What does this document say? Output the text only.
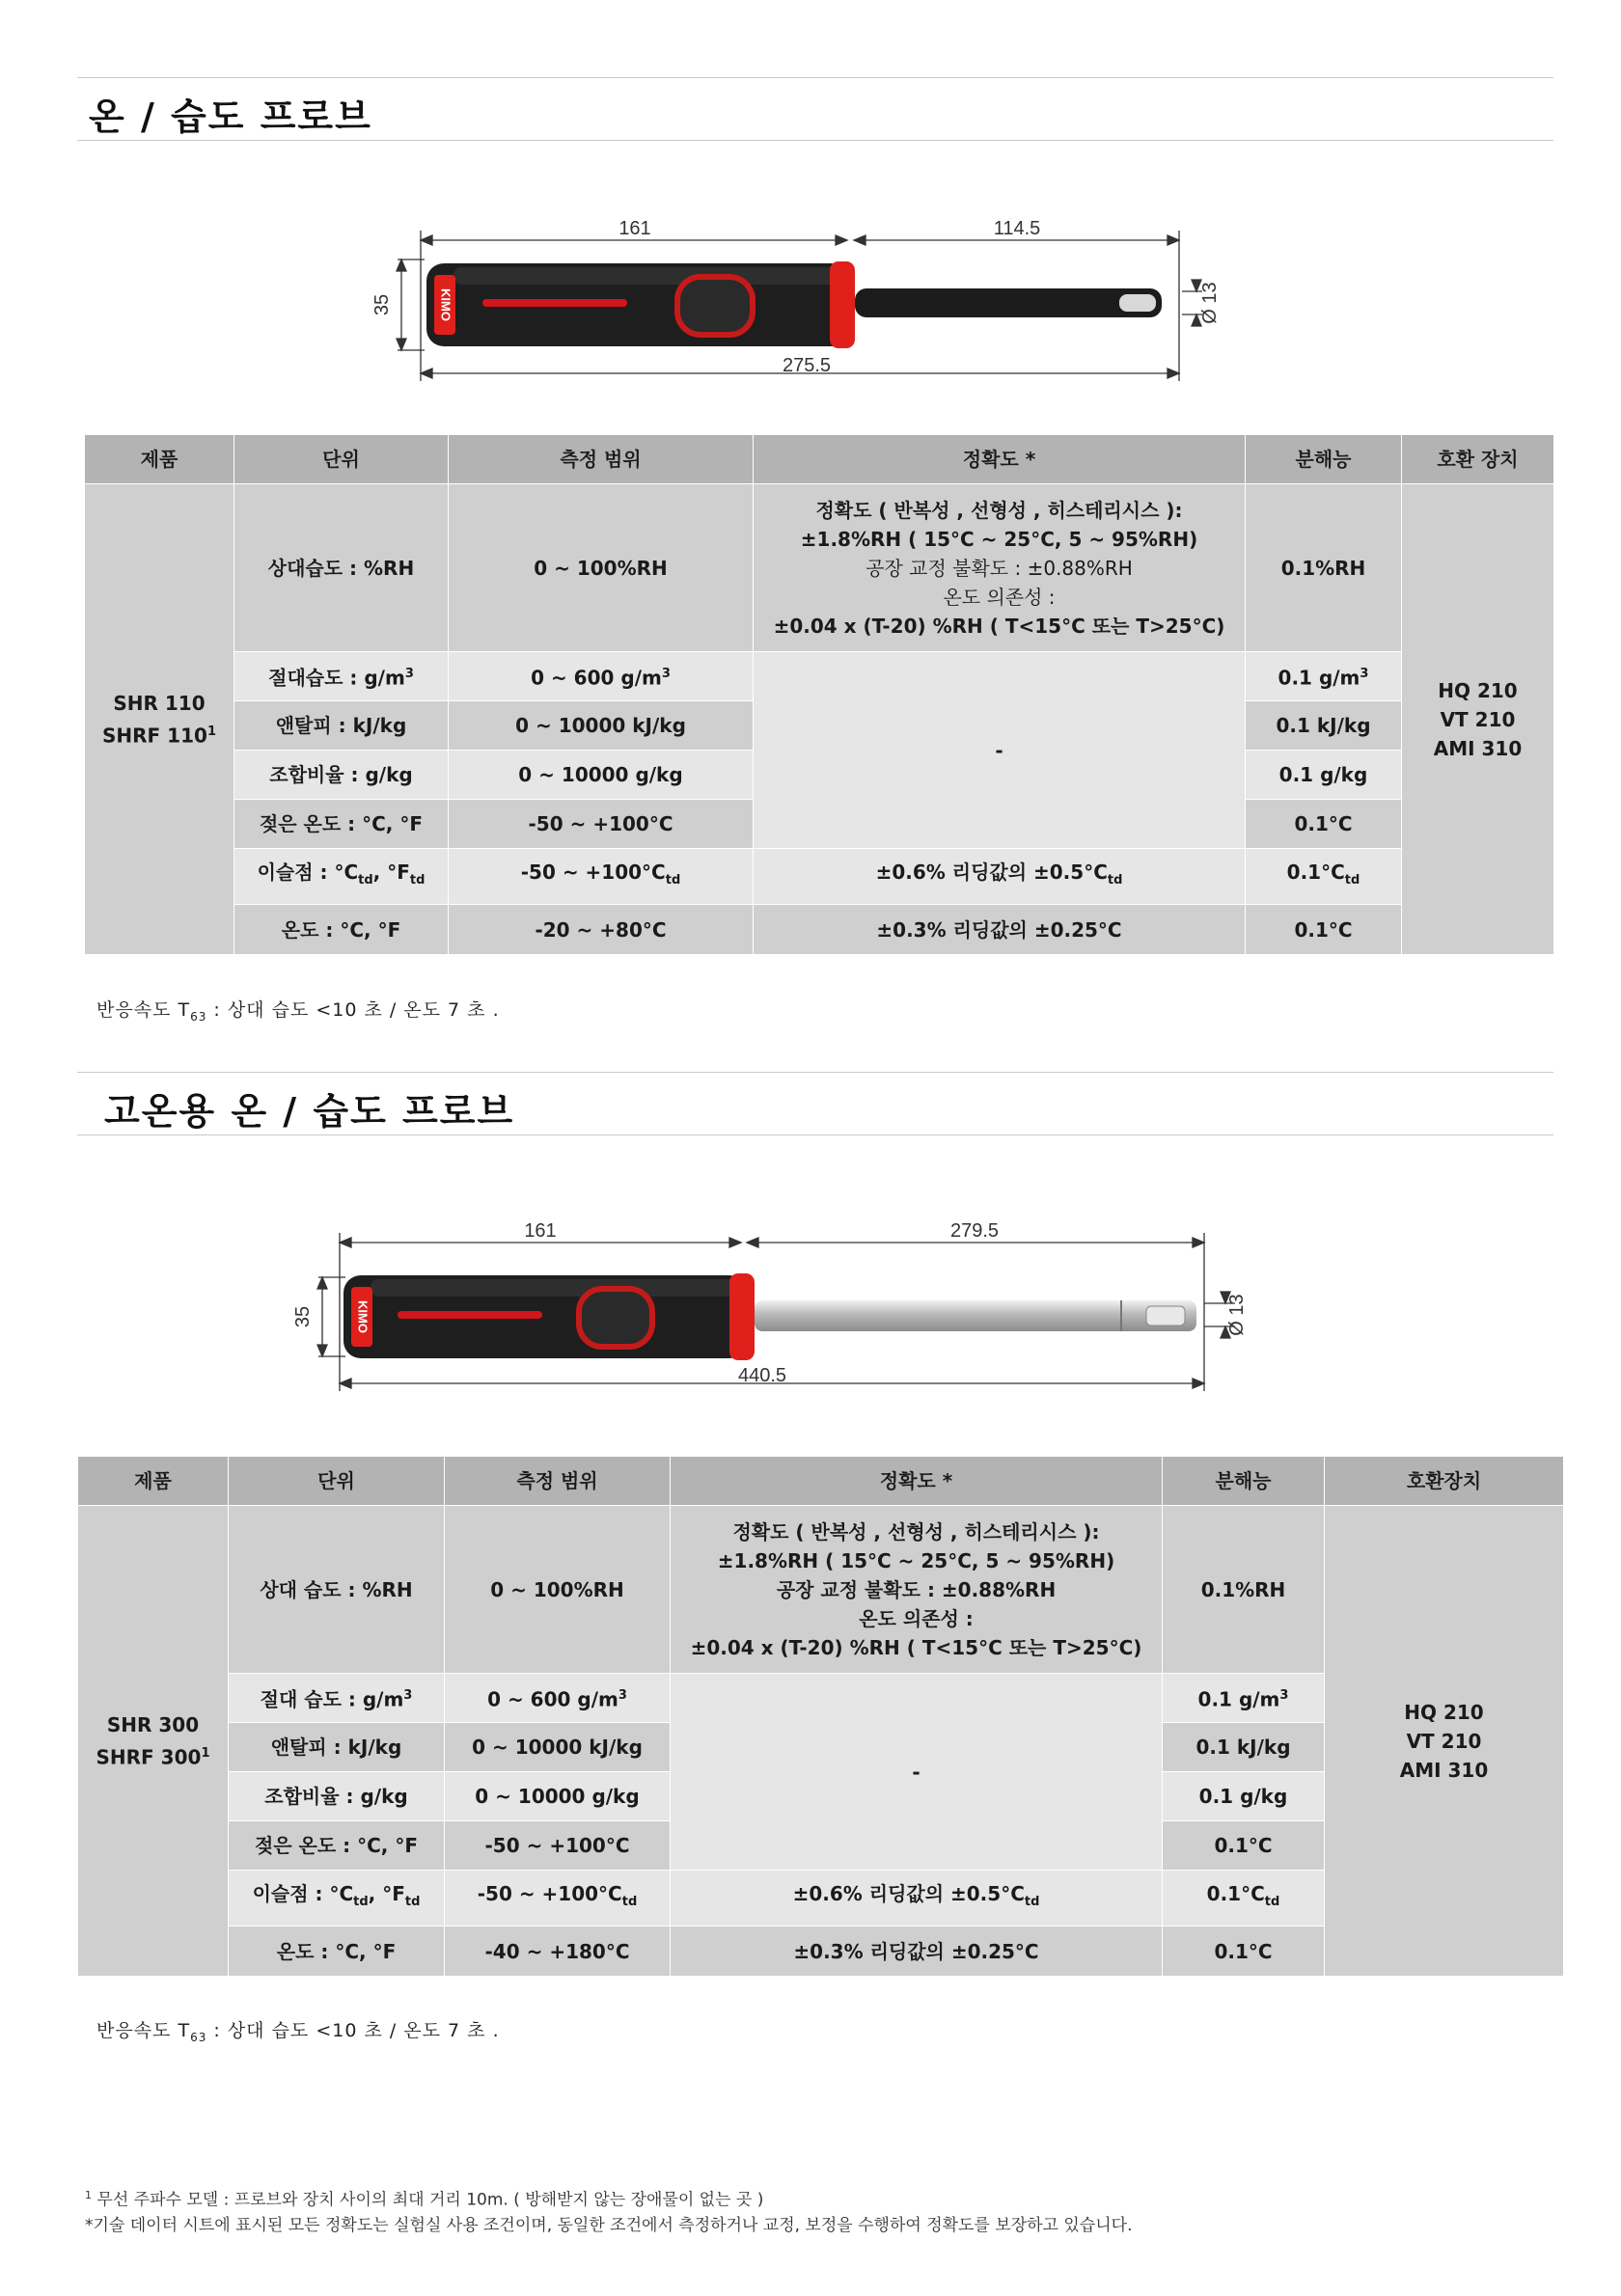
온 / 습도 프로브
KIMO
161	114.5
275.5
35	Ø 13
제품	단위	측정 범위	정확도 *	분해능	호환 장치

SHR 110
SHRF $110^1$	상대습도 : %RH	0 ~ 100%RH	정확도 ( 반복성 , 선형성 , 히스테리시스 ):
±1.8%RH ( 15°C ~ 25°C, 5 ~ 95%RH)
공장 교정 불확도 : ±0.88%RH
온도 의존성 :
±0.04 x (T-20) %RH ( T<15°C 또는 T>25°C)	0.1%RH	HQ 210
VT 210
AMI 310

	절대습도 : $g/m^3$	0 ~ 600 $g/m^3$	-	0.1 $g/m^3$
	앤탈피 : kJ/kg	0 ~ 10000 kJ/kg		0.1 kJ/kg	
	조합비율 : g/kg	0 ~ 10000 g/kg		0.1 g/kg	
	젖은 온도 : °C, °F	-50 ~ +100°C		0.1°C	
	이슬점 : $^\circ C_{td}$, $^\circ F_{td}$	-50 ~ $+100^\circ C_{td}$	±0.6% 리딩값의 $\pm 0.5^\circ C_{td}$	$0.1^\circ C_{td}$
	온도 : °C, °F	-20 ~ +80°C	±0.3% 리딩값의 ±0.25°C	0.1°C	
반응속도 $T_{63}$ : 상대 습도 <10 초 / 온도 7 초 .
고온용 온 / 습도 프로브
KIMO
161	279.5
440.5
35	Ø 13
제품	단위	측정 범위	정확도 *	분해능	호환장치

SHR 300
SHRF $300^1$	상대 습도 : %RH	0 ~ 100%RH	정확도 ( 반복성 , 선형성 , 히스테리시스 ):
±1.8%RH ( 15°C ~ 25°C, 5 ~ 95%RH)
공장 교정 불확도 : ±0.88%RH
온도 의존성 :
±0.04 x (T-20) %RH ( T<15°C 또는 T>25°C)	0.1%RH	HQ 210
VT 210
AMI 310

	절대 습도 : $g/m^3$	0 ~ 600 $g/m^3$	-	0.1 $g/m^3$
	앤탈피 : kJ/kg	0 ~ 10000 kJ/kg		0.1 kJ/kg	
	조합비율 : g/kg	0 ~ 10000 g/kg		0.1 g/kg	
	젖은 온도 : °C, °F	-50 ~ +100°C		0.1°C	
	이슬점 : $^\circ C_{td}$, $^\circ F_{td}$	-50 ~ $+100^\circ C_{td}$	±0.6% 리딩값의 $\pm 0.5^\circ C_{td}$	$0.1^\circ C_{td}$
	온도 : °C, °F	-40 ~ +180°C	±0.3% 리딩값의 ±0.25°C	0.1°C	
반응속도 $T_{63}$ : 상대 습도 <10 초 / 온도 7 초 .
$^1$ 무선 주파수 모델 : 프로브와 장치 사이의 최대 거리 10m. ( 방해받지 않는 장애물이 없는 곳 )
*기술 데이터 시트에 표시된 모든 정확도는 실험실 사용 조건이며, 동일한 조건에서 측정하거나 교정, 보정을 수행하여 정확도를 보장하고 있습니다.
